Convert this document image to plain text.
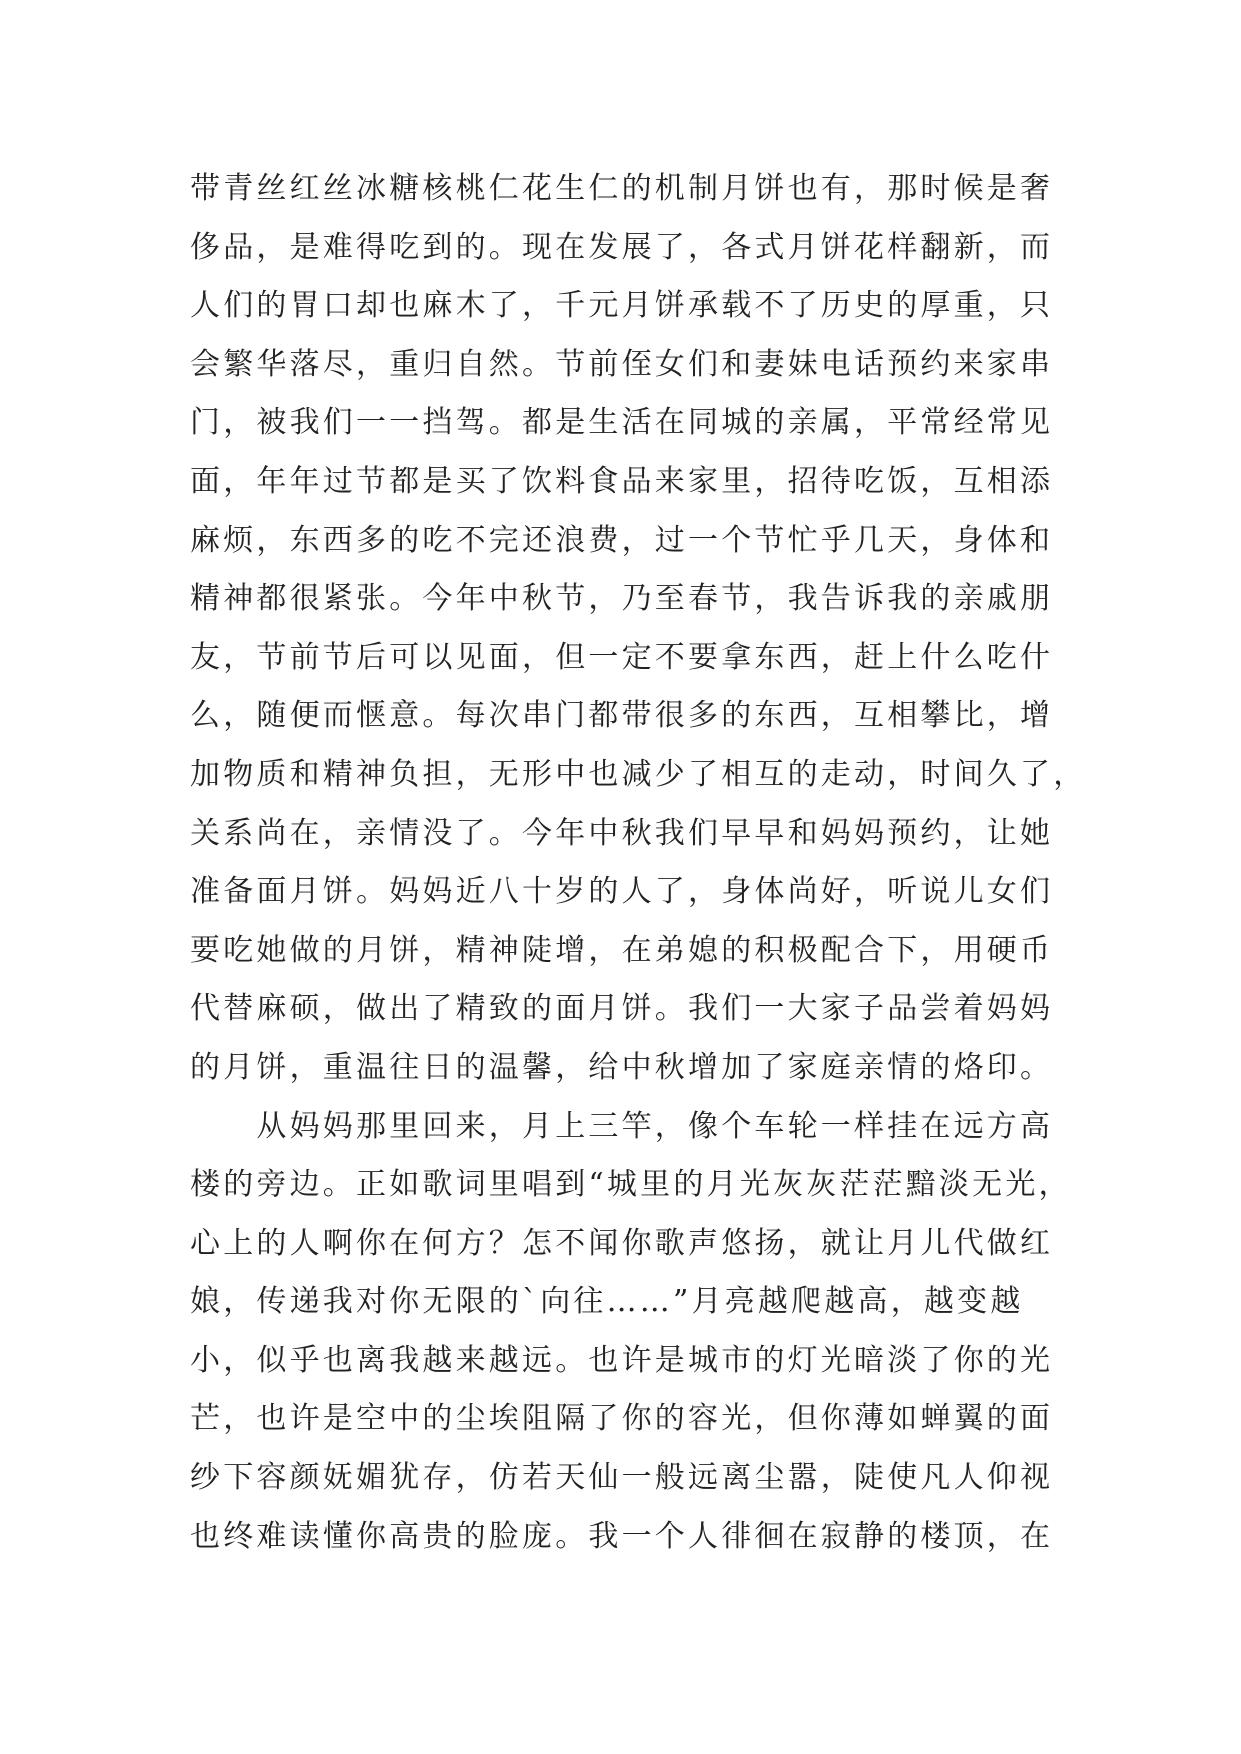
带青丝红丝冰糖核桃仁花生仁的机制月饼也有，那时候是奢
侈品，是难得吃到的。现在发展了，各式月饼花样翻新，而
人们的胃口却也麻木了，千元月饼承载不了历史的厚重，只
会繁华落尽，重归自然。节前侄女们和妻妹电话预约来家串
门，被我们一一挡驾。都是生活在同城的亲属，平常经常见
面，年年过节都是买了饮料食品来家里，招待吃饭，互相添
麻烦，东西多的吃不完还浪费，过一个节忙乎几天，身体和
精神都很紧张。今年中秋节，乃至春节，我告诉我的亲戚朋
友，节前节后可以见面，但一定不要拿东西，赶上什么吃什
么，随便而惬意。每次串门都带很多的东西，互相攀比，增
加物质和精神负担，无形中也减少了相互的走动，时间久了，
关系尚在，亲情没了。今年中秋我们早早和妈妈预约，让她
准备面月饼。妈妈近八十岁的人了，身体尚好，听说儿女们
要吃她做的月饼，精神陡增，在弟媳的积极配合下，用硬币
代替麻硕，做出了精致的面月饼。我们一大家子品尝着妈妈
的月饼，重温往日的温馨，给中秋增加了家庭亲情的烙印。
　　从妈妈那里回来，月上三竿，像个车轮一样挂在远方高
楼的旁边。正如歌词里唱到“城里的月光灰灰茫茫黯淡无光，
心上的人啊你在何方？怎不闻你歌声悠扬，就让月儿代做红
娘，传递我对你无限的`向往……”月亮越爬越高，越变越
小，似乎也离我越来越远。也许是城市的灯光暗淡了你的光
芒，也许是空中的尘埃阻隔了你的容光，但你薄如蝉翼的面
纱下容颜妩媚犹存，仿若天仙一般远离尘嚣，陡使凡人仰视
也终难读懂你高贵的脸庞。我一个人徘徊在寂静的楼顶，在
